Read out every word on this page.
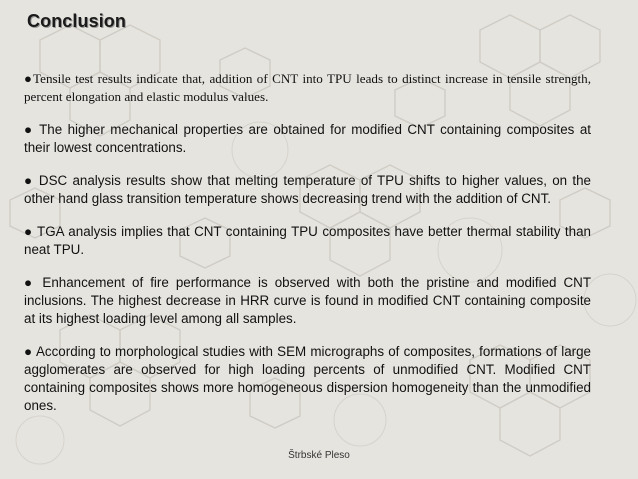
Conclusion

●Tensile test results indicate that, addition of CNT into TPU leads to distinct increase in tensile strength, percent elongation and elastic modulus values.

● The higher mechanical properties are obtained for modified CNT containing composites at their lowest concentrations.

● DSC analysis results show that melting temperature of TPU shifts to higher values, on the other hand glass transition temperature shows decreasing trend with the addition of CNT.

● TGA analysis implies that CNT containing TPU composites have better thermal stability than neat TPU.

● Enhancement of fire performance is observed with both the pristine and modified CNT inclusions. The highest decrease in HRR curve is found in modified CNT containing composite at its highest loading level among all samples.

● According to morphological studies with SEM micrographs of composites, formations of large agglomerates are observed for high loading percents of unmodified CNT. Modified CNT containing composites shows more homogeneous dispersion homogeneity than the unmodified ones.

Štrbské Pleso
